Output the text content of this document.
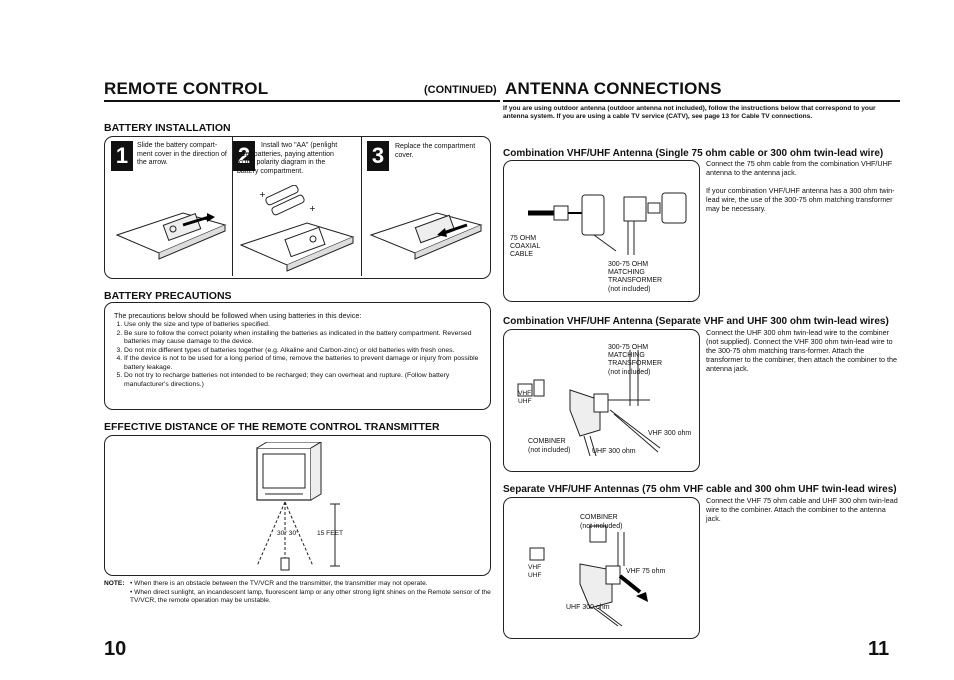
REMOTE CONTROL
BATTERY INSTALLATION
1	Slide the battery compart-ment cover in the direction of the arrow.	2	Install two "AA" (penlight size) batteries, paying attention to the polarity diagram in the battery compartment.
3	Replace the compartment cover.
+
+
BATTERY PRECAUTIONS
The precautions below should be followed when using batteries in this device:
1. Use only the size and type of batteries specified.
2. Be sure to follow the correct polarity when installing the batteries as indicated in the battery compartment. Reversed batteries may cause damage to the device.
3. Do not mix different types of batteries together (e.g. Alkaline and Carbon-zinc) or old batteries with fresh ones.
4. If the device is not to be used for a long period of time, remove the batteries to prevent damage or injury from possible battery leakage.
5. Do not try to recharge batteries not intended to be recharged; they can overheat and rupture. (Follow battery manufacturer's directions.)
EFFECTIVE DISTANCE OF THE REMOTE CONTROL TRANSMITTER
30° 30°	15 FEET
NOTE: • When there is an obstacle between the TV/VCR and the transmitter, the transmitter may not operate.
• When direct sunlight, an incandescent lamp, fluorescent lamp or any other strong light shines on the Remote sensor of the TV/VCR, the remote operation may be unstable.
10
(CONTINUED) ANTENNA CONNECTIONS
If you are using outdoor antenna (outdoor antenna not included), follow the instructions below that correspond to your antenna system. If you are using a cable TV service (CATV), see page 13 for Cable TV connections.
Combination VHF/UHF Antenna (Single 75 ohm cable or 300 ohm twin-lead wire)
75 OHM COAXIAL CABLE
300-75 OHM MATCHING TRANSFORMER
(not included)
Connect the 75 ohm cable from the combination VHF/UHF antenna to the antenna jack.
If your combination VHF/UHF antenna has a 300 ohm twin-lead wire, the use of the 300-75 ohm matching transformer may be necessary.
Combination VHF/UHF Antenna (Separate VHF and UHF 300 ohm twin-lead wires)
300-75 OHM MATCHING TRANSFORMER
(not included)
VHF UHF
COMBINER
(not included)	UHF 300 ohm
VHF 300 ohm
Connect the UHF 300 ohm twin-lead wire to the combiner (not supplied). Connect the VHF 300 ohm twin-lead wire to the 300-75 ohm matching trans-former. Attach the transformer to the combiner, then attach the combiner to the antenna jack.
Separate VHF/UHF Antennas (75 ohm VHF cable and 300 ohm UHF twin-lead wires)
COMBINER
(not included)
VHF UHF
VHF 75 ohm
UHF 300 ohm
Connect the VHF 75 ohm cable and UHF 300 ohm twin-lead wire to the combiner. Attach the combiner to the antenna jack.
11
